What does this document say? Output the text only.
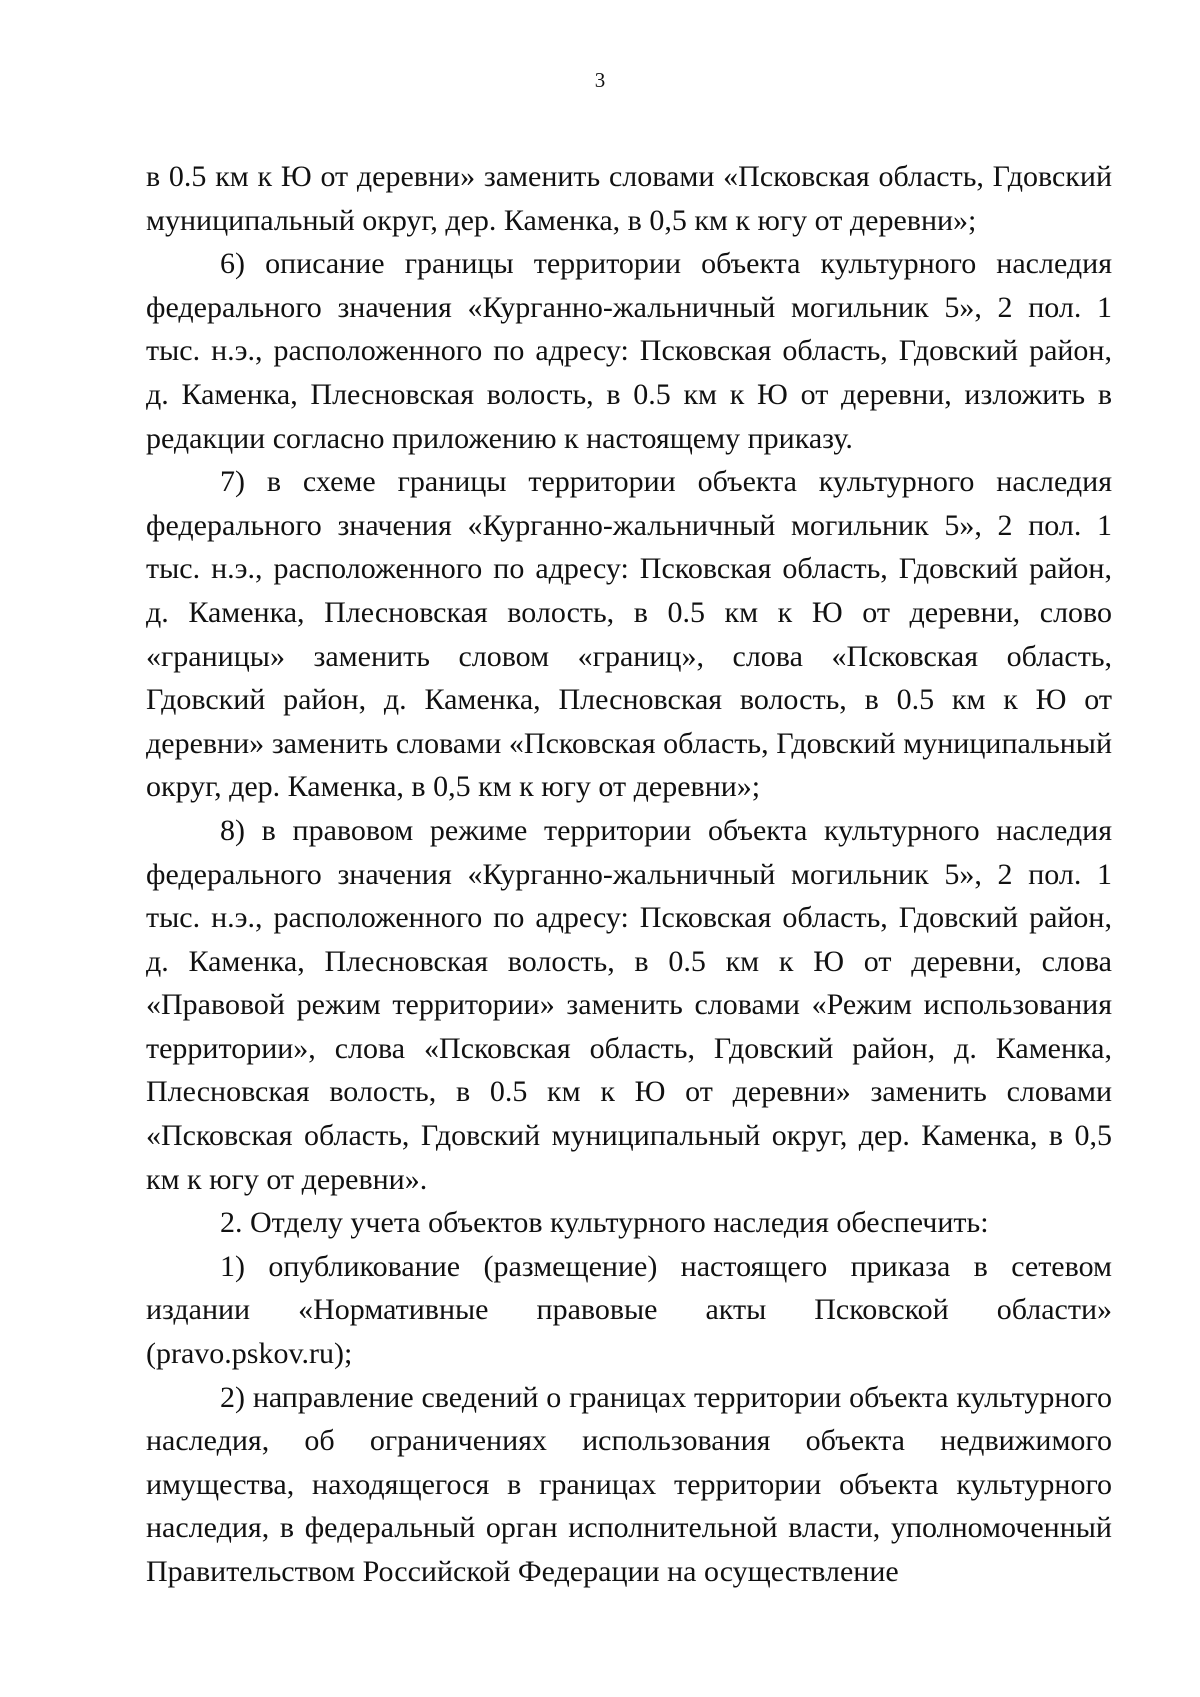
3

в 0.5 км к Ю от деревни» заменить словами «Псковская область, Гдовский муниципальный округ, дер. Каменка, в 0,5 км к югу от деревни»;

6) описание границы территории объекта культурного наследия федерального значения «Курганно-жальничный могильник 5», 2 пол. 1 тыс. н.э., расположенного по адресу: Псковская область, Гдовский район, д. Каменка, Плесновская волость, в 0.5 км к Ю от деревни, изложить в редакции согласно приложению к настоящему приказу.

7) в схеме границы территории объекта культурного наследия федерального значения «Курганно-жальничный могильник 5», 2 пол. 1 тыс. н.э., расположенного по адресу: Псковская область, Гдовский район, д. Каменка, Плесновская волость, в 0.5 км к Ю от деревни, слово «границы» заменить словом «границ», слова «Псковская область, Гдовский район, д. Каменка, Плесновская волость, в 0.5 км к Ю от деревни» заменить словами «Псковская область, Гдовский муниципальный округ, дер. Каменка, в 0,5 км к югу от деревни»;

8) в правовом режиме территории объекта культурного наследия федерального значения «Курганно-жальничный могильник 5», 2 пол. 1 тыс. н.э., расположенного по адресу: Псковская область, Гдовский район, д. Каменка, Плесновская волость, в 0.5 км к Ю от деревни, слова «Правовой режим территории» заменить словами «Режим использования территории», слова «Псковская область, Гдовский район, д. Каменка, Плесновская волость, в 0.5 км к Ю от деревни» заменить словами «Псковская область, Гдовский муниципальный округ, дер. Каменка, в 0,5 км к югу от деревни».

2. Отделу учета объектов культурного наследия обеспечить:

1) опубликование (размещение) настоящего приказа в сетевом издании «Нормативные правовые акты Псковской области» (pravo.pskov.ru);

2) направление сведений о границах территории объекта культурного наследия, об ограничениях использования объекта недвижимого имущества, находящегося в границах территории объекта культурного наследия, в федеральный орган исполнительной власти, уполномоченный Правительством Российской Федерации на осуществление
